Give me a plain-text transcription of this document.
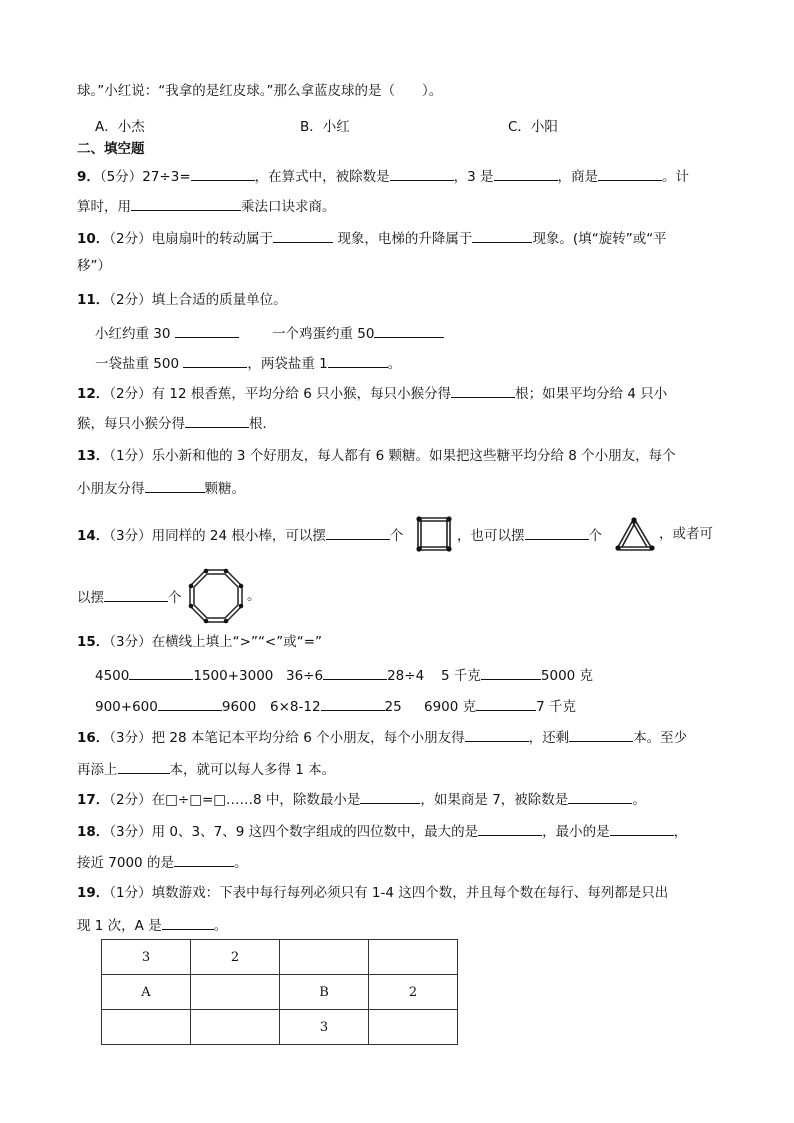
球。”小红说：“我拿的是红皮球。”那么拿蓝皮球的是（　　）。
A．小杰	B．小红	C．小阳
二、填空题
9．（5分）27÷3=	，在算式中，被除数是	，3 是	，商是	。计
算时，用	乘法口诀求商。
10．（2分）电扇扇叶的转动属于	现象，电梯的升降属于	现象。(填“旋转”或“平
移”）
11．（2分）填上合适的质量单位。
小红约重 30	一个鸡蛋约重 50
一袋盐重 500	，两袋盐重 1	。
12．（2分）有 12 根香蕉，平均分给 6 只小猴，每只小猴分得	根；如果平均分给 4 只小
猴，每只小猴分得	根．
13．（1分）乐小新和他的 3 个好朋友，每人都有 6 颗糖。如果把这些糖平均分给 8 个小朋友，每个
小朋友分得	颗糖。
14．（3分）用同样的 24 根小棒，可以摆	个	，也可以摆	个	，或者可
以摆	个	。
15．（3分）在横线上填上“>”“<”或“=”
4500	1500+3000 36÷6	28÷4 5 千克	5000 克
900+600	9600 6×8-12	25 6900 克	7 千克
16．（3分）把 28 本笔记本平均分给 6 个小朋友，每个小朋友得	，还剩	本。至少
再添上	本，就可以每人多得 1 本。
17．（2分）在□÷□=□……8 中，除数最小是	，如果商是 7，被除数是	。
18．（3分）用 0、3、7、9 这四个数字组成的四位数中，最大的是	，最小的是	，
接近 7000 的是	。
19．（1分）填数游戏：下表中每行每列必须只有 1-4 这四个数，并且每个数在每行、每列都是只出
现 1 次，A 是	。
3	2		
A		B	2
		3	
